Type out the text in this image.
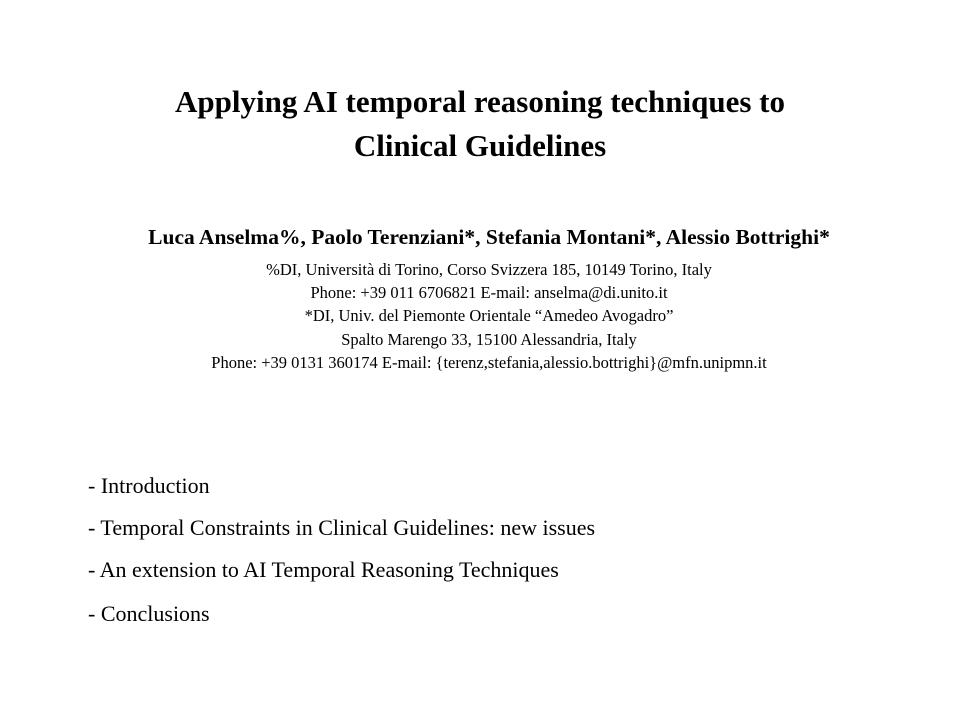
Applying AI temporal reasoning techniques to
Clinical Guidelines
Luca Anselma%, Paolo Terenziani*, Stefania Montani*, Alessio Bottrighi*
%DI, Università di Torino, Corso Svizzera 185, 10149 Torino, Italy
Phone: +39 011 6706821 E-mail: anselma@di.unito.it
*DI, Univ. del Piemonte Orientale “Amedeo Avogadro”
Spalto Marengo 33, 15100 Alessandria, Italy
Phone: +39 0131 360174 E-mail: {terenz,stefania,alessio.bottrighi}@mfn.unipmn.it
- Introduction
- Temporal Constraints in Clinical Guidelines: new issues
- An extension to AI Temporal Reasoning Techniques
- Conclusions
